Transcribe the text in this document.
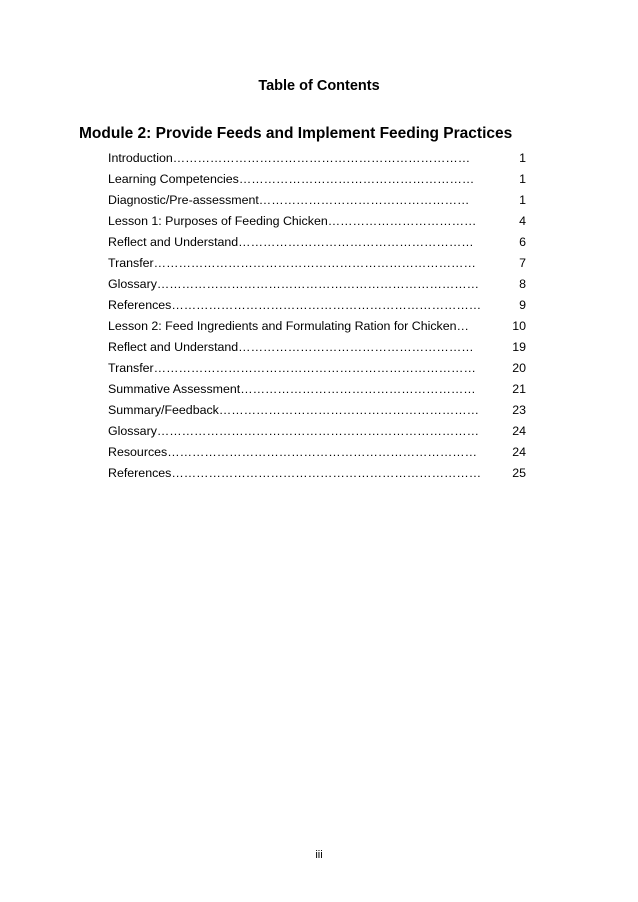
Table of Contents
Module 2: Provide Feeds and Implement Feeding Practices
Introduction………………………………………………………………	1
Learning Competencies…………………………………………………	1
Diagnostic/Pre-assessment……………………………………………	1
Lesson 1: Purposes of Feeding Chicken………………………………	4
Reflect and Understand…………………………………………………	6
Transfer……………………………………………………………………	7
Glossary……………………………………………………………………	8
References…………………………………………………………………	9
Lesson 2: Feed Ingredients and Formulating Ration for Chicken…	10
Reflect and Understand…………………………………………………	19
Transfer……………………………………………………………………	20
Summative Assessment…………………………………………………	21
Summary/Feedback………………………………………………………	23
Glossary……………………………………………………………………	24
Resources…………………………………………………………………	24
References…………………………………………………………………	25
iii
